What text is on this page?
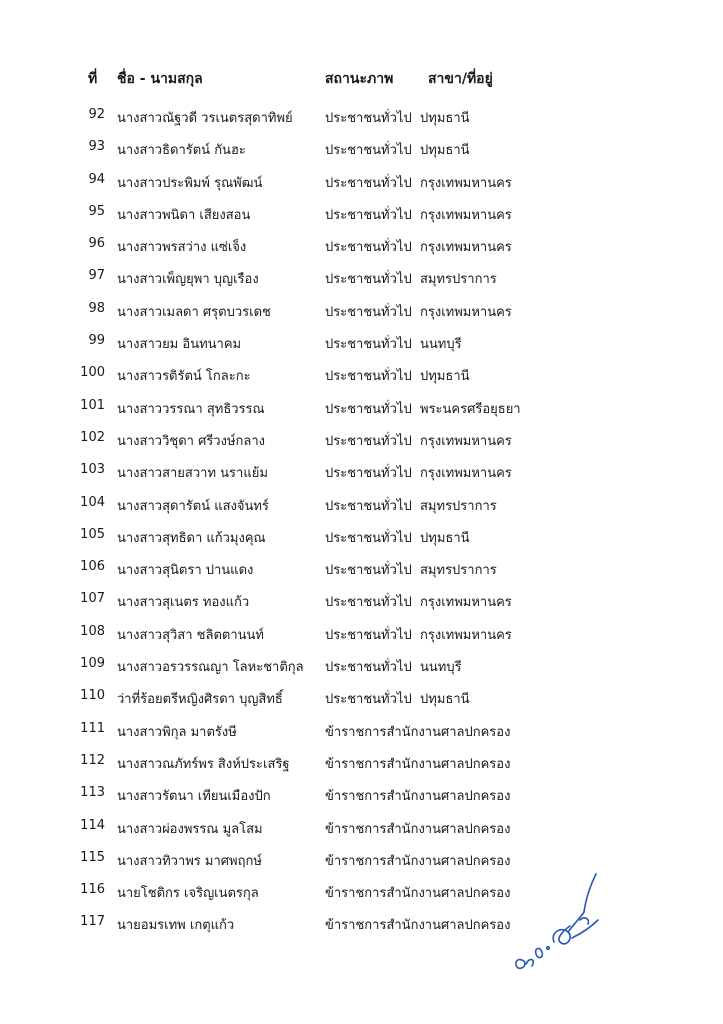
ที่ ชื่อ - นามสกุล	สถานะภาพ สาขา/ที่อยู่
92 นางสาวณัฐวดี วรเนตรสุดาทิพย์ ประชาชนทั่วไป ปทุมธานี
93 นางสาวธิดารัตน์ กันฮะ	ประชาชนทั่วไป ปทุมธานี
94 นางสาวประพิมพ์ รุณพัฒน์	ประชาชนทั่วไป กรุงเทพมหานคร
95 นางสาวพนิดา เสียงสอน	ประชาชนทั่วไป กรุงเทพมหานคร
96 นางสาวพรสว่าง แซ่เจ็ง	ประชาชนทั่วไป กรุงเทพมหานคร
97 นางสาวเพ็ญยุพา บุญเรือง	ประชาชนทั่วไป สมุทรปราการ
98 นางสาวเมลดา ศรุตบวรเดช	ประชาชนทั่วไป กรุงเทพมหานคร
99 นางสาวยม อินทนาคม	ประชาชนทั่วไป นนทบุรี
100 นางสาวรติรัตน์ โกละกะ	ประชาชนทั่วไป ปทุมธานี
101 นางสาววรรณา สุทธิวรรณ	ประชาชนทั่วไป พระนครศรีอยุธยา
102 นางสาววิชุดา ศรีวงษ์กลาง	ประชาชนทั่วไป กรุงเทพมหานคร
103 นางสาวสายสวาท นราแย้ม	ประชาชนทั่วไป กรุงเทพมหานคร
104 นางสาวสุดารัตน์ แสงจันทร์	ประชาชนทั่วไป สมุทรปราการ
105 นางสาวสุทธิดา แก้วมุงคุณ	ประชาชนทั่วไป ปทุมธานี
106 นางสาวสุนิตรา ปานแดง	ประชาชนทั่วไป สมุทรปราการ
107 นางสาวสุเนตร ทองแก้ว	ประชาชนทั่วไป กรุงเทพมหานคร
108 นางสาวสุวิสา ชลิตตานนท์	ประชาชนทั่วไป กรุงเทพมหานคร
109 นางสาวอรวรรณญา โลหะชาติกุล ประชาชนทั่วไป นนทบุรี
110 ว่าที่ร้อยตรีหญิงศิรดา บุญสิทธิ์	ประชาชนทั่วไป ปทุมธานี
111 นางสาวพิกุล มาตรังษี	ข้าราชการสำนักงานศาลปกครอง
112 นางสาวณภัทร์พร สิงห์ประเสริฐ	ข้าราชการสำนักงานศาลปกครอง
113 นางสาวรัตนา เทียนเมืองปัก	ข้าราชการสำนักงานศาลปกครอง
114 นางสาวผ่องพรรณ มูลโสม	ข้าราชการสำนักงานศาลปกครอง
115 นางสาวทิวาพร มาศพฤกษ์	ข้าราชการสำนักงานศาลปกครอง
116 นายโชติกร เจริญเนตรกุล	ข้าราชการสำนักงานศาลปกครอง
117 นายอมรเทพ เกตุแก้ว	ข้าราชการสำนักงานศาลปกครอง
